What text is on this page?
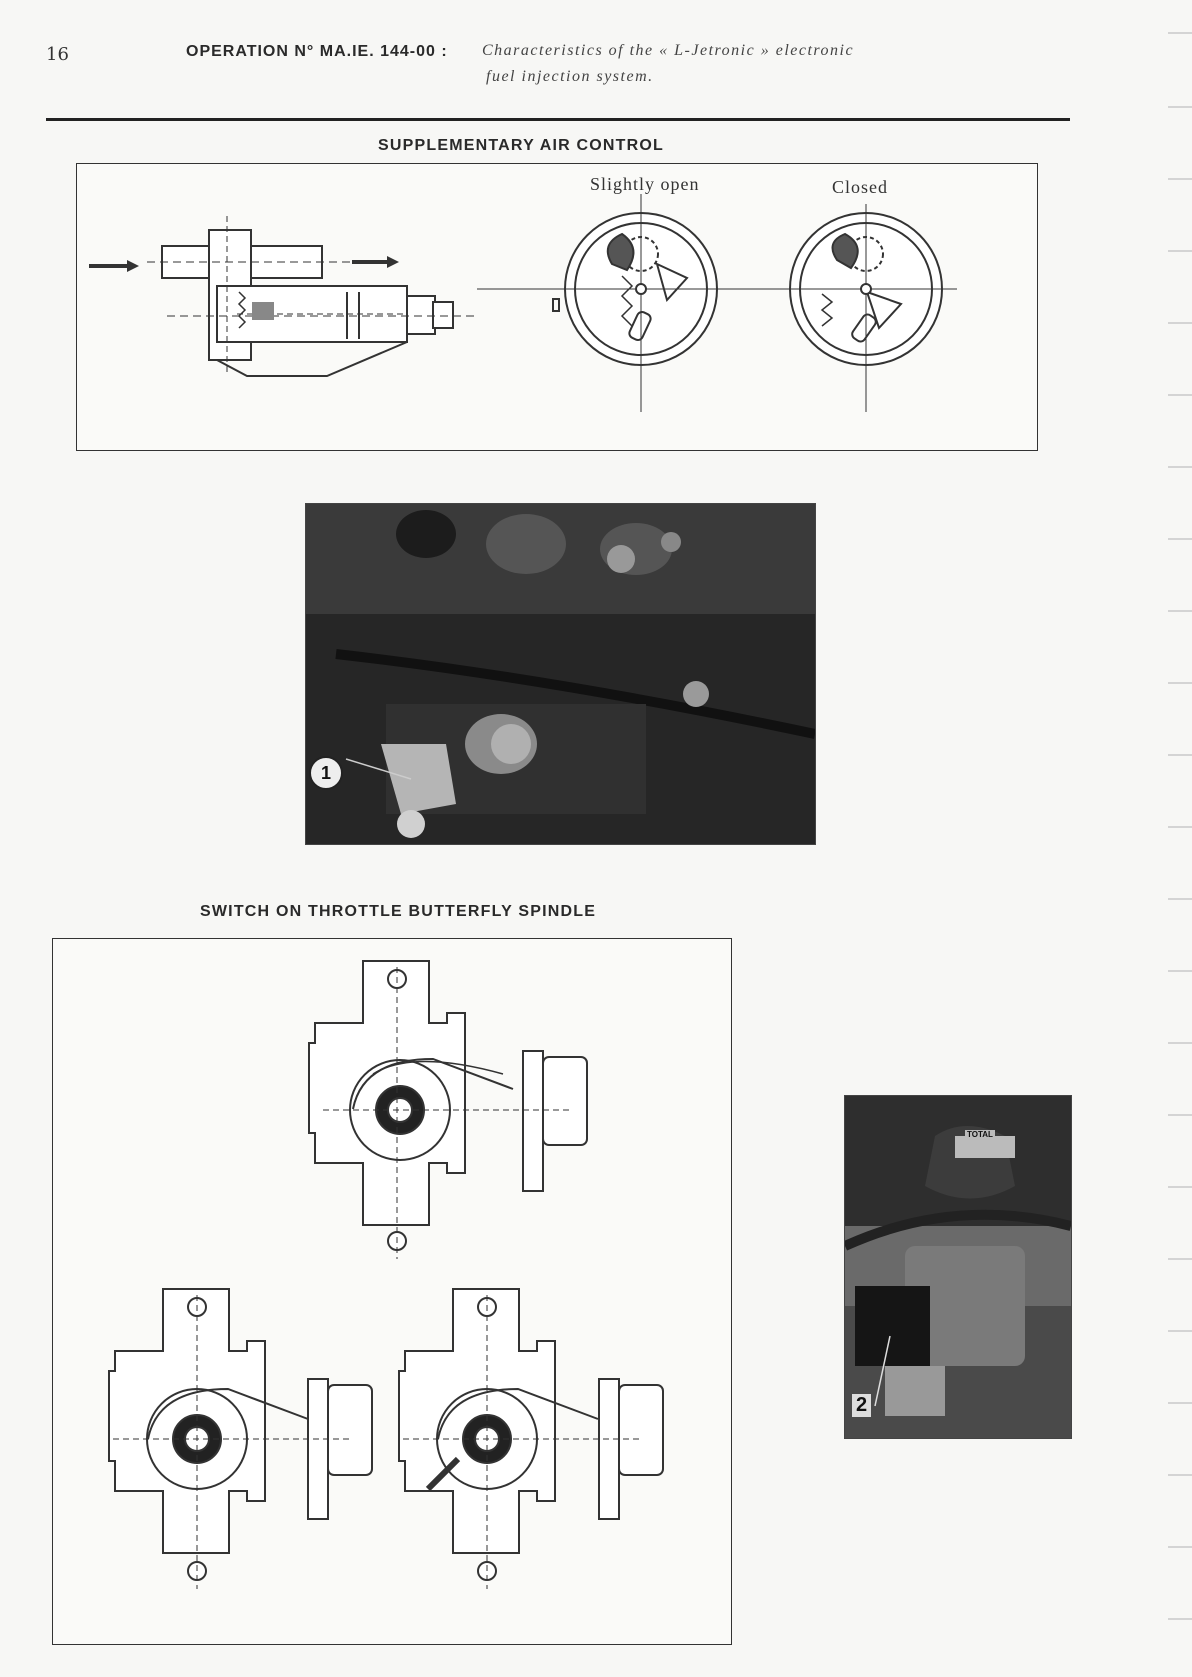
16	OPERATION N° MA.IE. 144-00 : Characteristics of the « L-Jetronic » electronic
fuel injection system.
SUPPLEMENTARY AIR CONTROL
Slightly open	Closed
1
SWITCH ON THROTTLE BUTTERFLY SPINDLE
TOTAL
2
